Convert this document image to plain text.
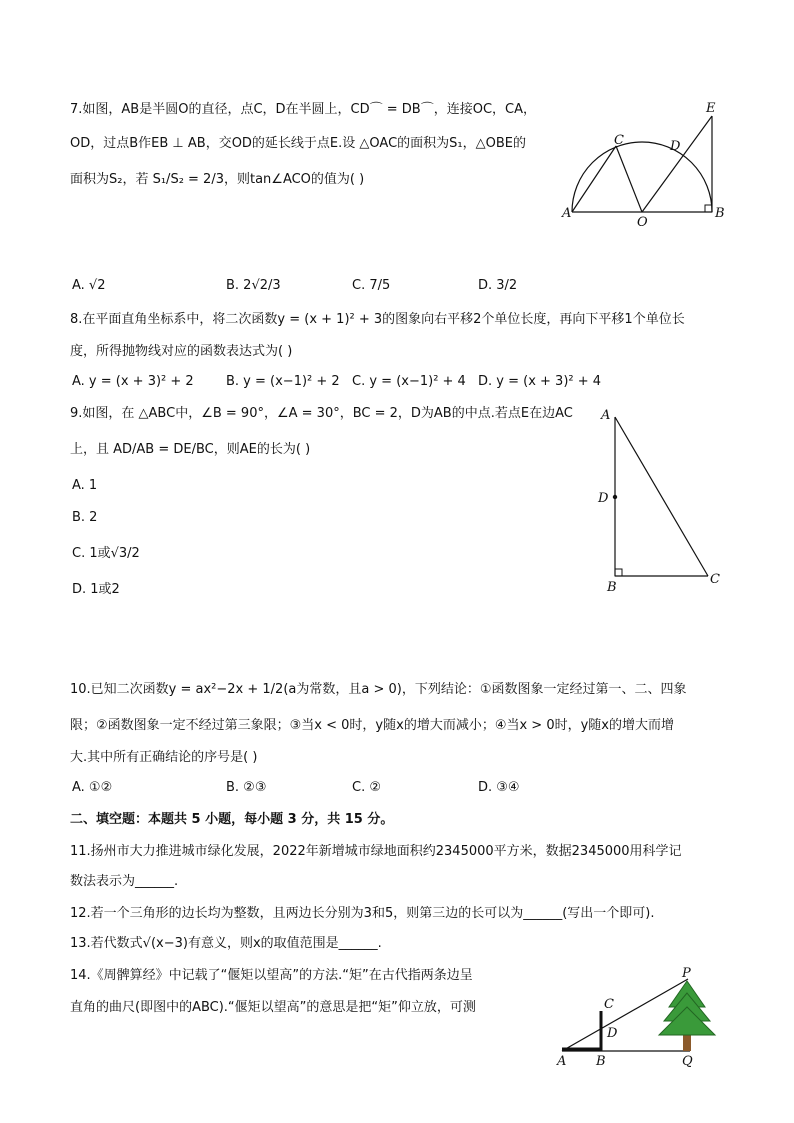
7.如图，AB是半圆O的直径，点C，D在半圆上，CD⌒ = DB⌒，连接OC，CA，
OD，过点B作EB ⊥ AB，交OD的延长线于点E.设 △OAC的面积为S₁，△OBE的
面积为S₂，若 S₁/S₂ = 2/3，则tan∠ACO的值为( )
E
C	D
A
O
B
A. √2	B. 2√2/3	C. 7/5	D. 3/2
8.在平面直角坐标系中，将二次函数y = (x + 1)² + 3的图象向右平移2个单位长度，再向下平移1个单位长
度，所得抛物线对应的函数表达式为( )
A. y = (x + 3)² + 2 B. y = (x−1)² + 2 C. y = (x−1)² + 4 D. y = (x + 3)² + 4
9.如图，在 △ABC中，∠B = 90°，∠A = 30°，BC = 2，D为AB的中点.若点E在边AC
上，且 AD/AB = DE/BC，则AE的长为( )
A. 1
B. 2
C. 1或√3/2
D. 1或2
A
D
B
C
10.已知二次函数y = ax²−2x + 1/2(a为常数，且a > 0)，下列结论：①函数图象一定经过第一、二、四象
限；②函数图象一定不经过第三象限；③当x < 0时，y随x的增大而减小；④当x > 0时，y随x的增大而增
大.其中所有正确结论的序号是( )
A. ①②	B. ②③	C. ②	D. ③④
二、填空题：本题共 5 小题，每小题 3 分，共 15 分。
11.扬州市大力推进城市绿化发展，2022年新增城市绿地面积约2345000平方米，数据2345000用科学记
数法表示为______.
12.若一个三角形的边长均为整数，且两边长分别为3和5，则第三边的长可以为______(写出一个即可).
13.若代数式√(x−3)有意义，则x的取值范围是______.
14.《周髀算经》中记载了“偃矩以望高”的方法.“矩”在古代指两条边呈
直角的曲尺(即图中的ABC).“偃矩以望高”的意思是把“矩”仰立放，可测
P
C
D
A B	Q
